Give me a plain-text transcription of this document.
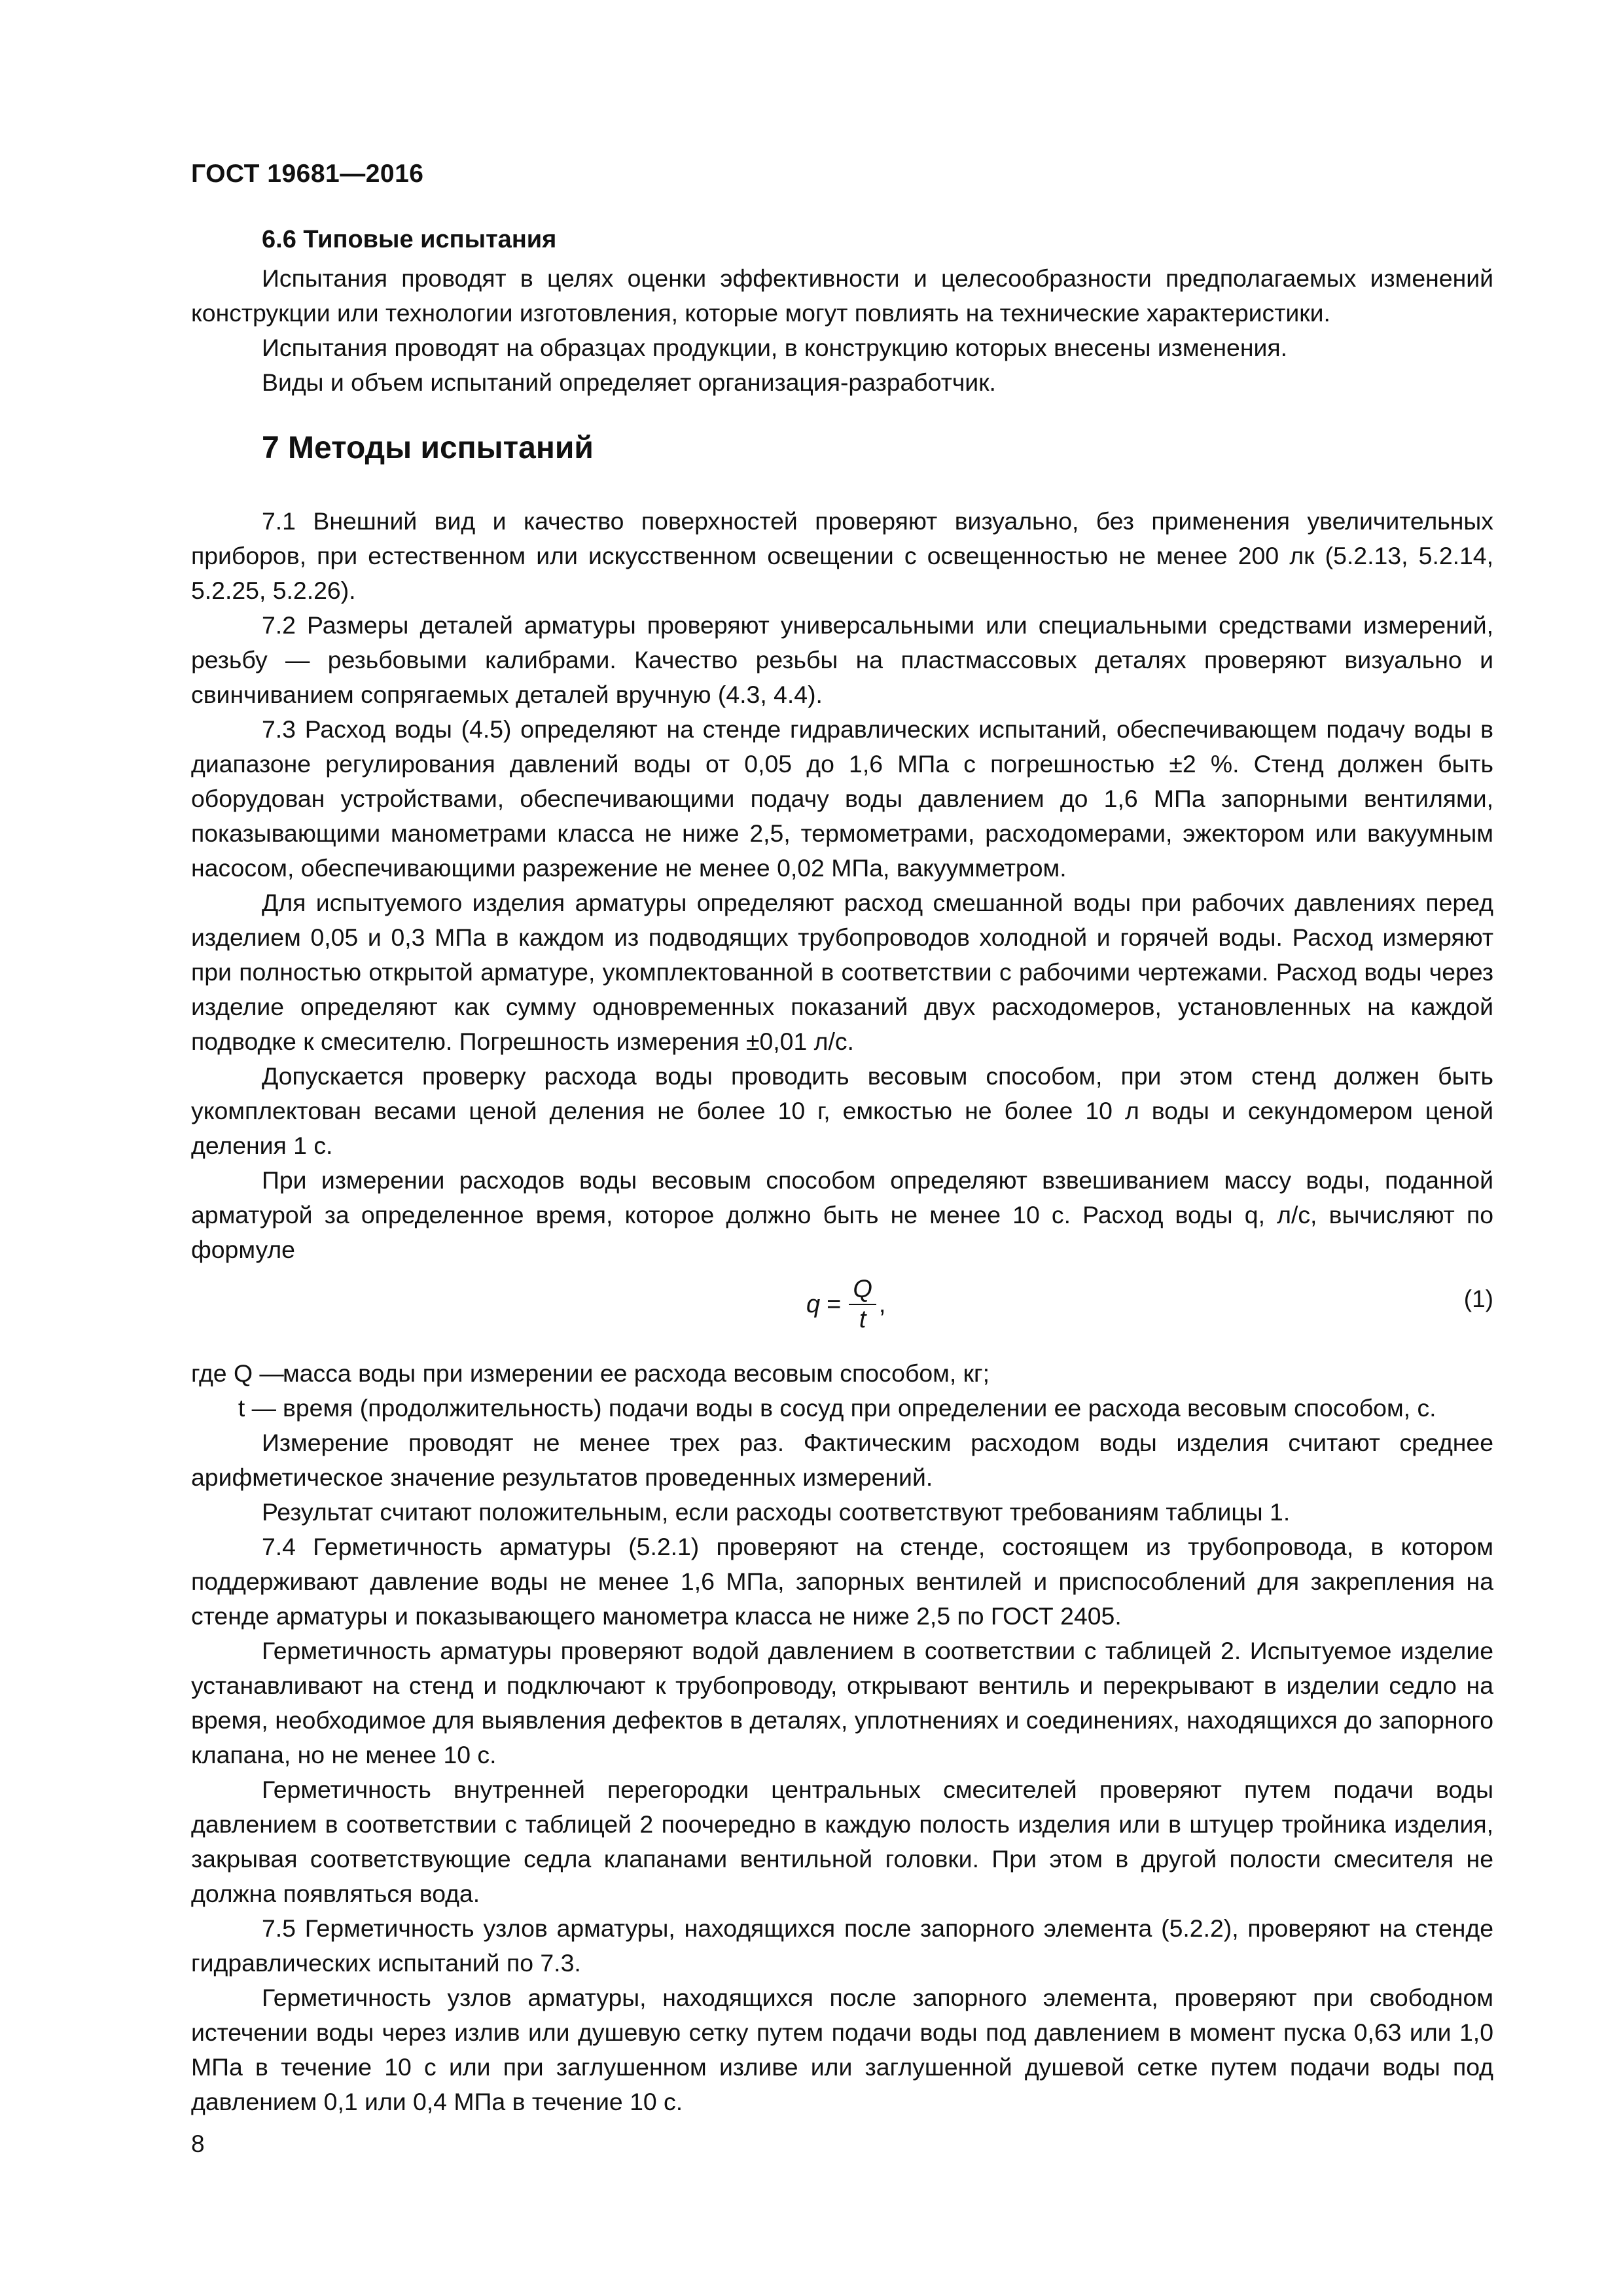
ГОСТ 19681—2016
6.6 Типовые испытания

Испытания проводят в целях оценки эффективности и целесообразности предполагаемых изменений конструкции или технологии изготовления, которые могут повлиять на технические характеристики.

Испытания проводят на образцах продукции, в конструкцию которых внесены изменения.

Виды и объем испытаний определяет организация-разработчик.

7 Методы испытаний

7.1 Внешний вид и качество поверхностей проверяют визуально, без применения увеличительных приборов, при естественном или искусственном освещении с освещенностью не менее 200 лк (5.2.13, 5.2.14, 5.2.25, 5.2.26).

7.2 Размеры деталей арматуры проверяют универсальными или специальными средствами измерений, резьбу — резьбовыми калибрами. Качество резьбы на пластмассовых деталях проверяют визуально и свинчиванием сопрягаемых деталей вручную (4.3, 4.4).

7.3 Расход воды (4.5) определяют на стенде гидравлических испытаний, обеспечивающем подачу воды в диапазоне регулирования давлений воды от 0,05 до 1,6 МПа с погрешностью ±2 %. Стенд должен быть оборудован устройствами, обеспечивающими подачу воды давлением до 1,6 МПа запорными вентилями, показывающими манометрами класса не ниже 2,5, термометрами, расходомерами, эжектором или вакуумным насосом, обеспечивающими разрежение не менее 0,02 МПа, вакуумметром.

Для испытуемого изделия арматуры определяют расход смешанной воды при рабочих давлениях перед изделием 0,05 и 0,3 МПа в каждом из подводящих трубопроводов холодной и горячей воды. Расход измеряют при полностью открытой арматуре, укомплектованной в соответствии с рабочими чертежами. Расход воды через изделие определяют как сумму одновременных показаний двух расходомеров, установленных на каждой подводке к смесителю. Погрешность измерения ±0,01 л/с.

Допускается проверку расхода воды проводить весовым способом, при этом стенд должен быть укомплектован весами ценой деления не более 10 г, емкостью не более 10 л воды и секундомером ценой деления 1 с.

При измерении расходов воды весовым способом определяют взвешиванием массу воды, поданной арматурой за определенное время, которое должно быть не менее 10 с. Расход воды q, л/с, вычисляют по формуле

$q = \frac{Q}{t}$ ,	(1)
где Q —
масса воды при измерении ее расхода весовым способом, кг;
t — время (продолжительность) подачи воды в сосуд при определении ее расхода весовым способом, с.

Измерение проводят не менее трех раз. Фактическим расходом воды изделия считают среднее арифметическое значение результатов проведенных измерений.

Результат считают положительным, если расходы соответствуют требованиям таблицы 1.

7.4 Герметичность арматуры (5.2.1) проверяют на стенде, состоящем из трубопровода, в котором поддерживают давление воды не менее 1,6 МПа, запорных вентилей и приспособлений для закрепления на стенде арматуры и показывающего манометра класса не ниже 2,5 по ГОСТ 2405.

Герметичность арматуры проверяют водой давлением в соответствии с таблицей 2. Испытуемое изделие устанавливают на стенд и подключают к трубопроводу, открывают вентиль и перекрывают в изделии седло на время, необходимое для выявления дефектов в деталях, уплотнениях и соединениях, находящихся до запорного клапана, но не менее 10 с.

Герметичность внутренней перегородки центральных смесителей проверяют путем подачи воды давлением в соответствии с таблицей 2 поочередно в каждую полость изделия или в штуцер тройника изделия, закрывая соответствующие седла клапанами вентильной головки. При этом в другой полости смесителя не должна появляться вода.

7.5 Герметичность узлов арматуры, находящихся после запорного элемента (5.2.2), проверяют на стенде гидравлических испытаний по 7.3.

Герметичность узлов арматуры, находящихся после запорного элемента, проверяют при свободном истечении воды через излив или душевую сетку путем подачи воды под давлением в момент пуска 0,63 или 1,0 МПа в течение 10 с или при заглушенном изливе или заглушенной душевой сетке путем подачи воды под давлением 0,1 или 0,4 МПа в течение 10 с.

8
